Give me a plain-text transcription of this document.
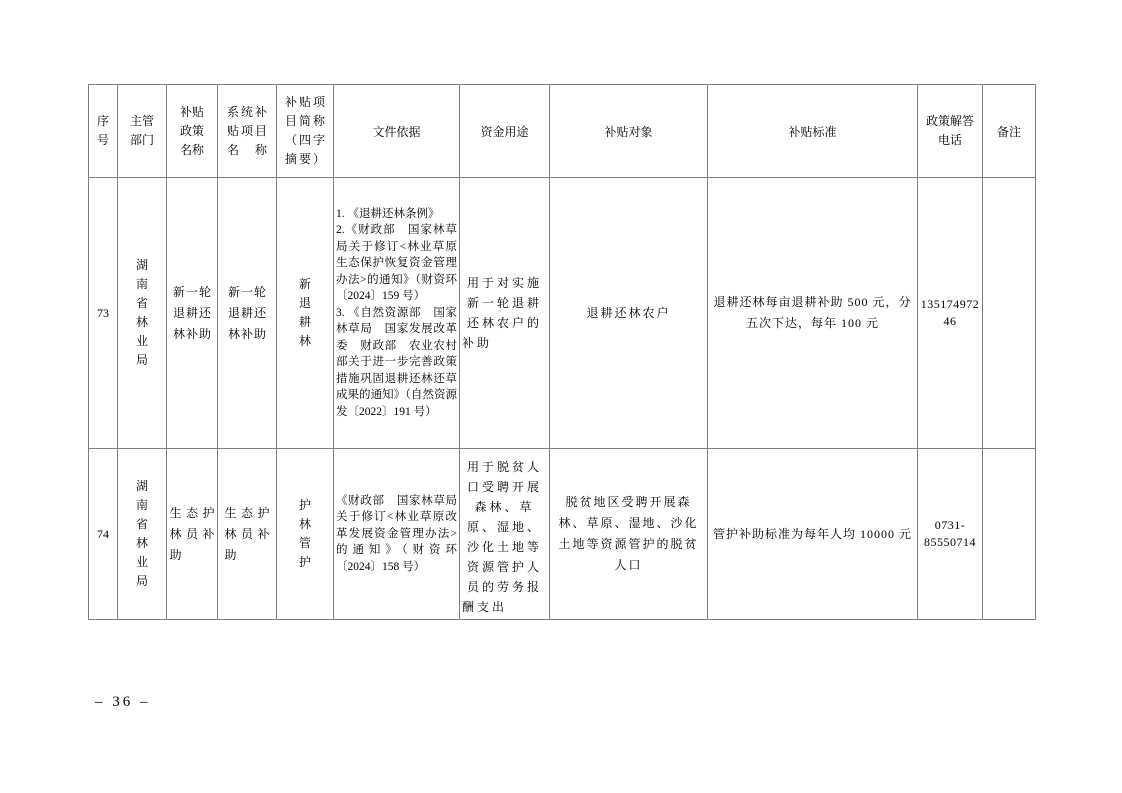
序号	主管部门	补贴政策名称	系统补贴项目名称	补贴项目简称（四字摘要）	文件依据	资金用途	补贴对象	补贴标准	政策解答电话	备注
73	湖南省林业局	新一轮退耕还林补助	新一轮退耕还林补助	新退耕林	1. 《退耕还林条例》
2.《财政部　国家林草局关于修订<林业草原生态保护恢复资金管理办法>的通知》（财资环〔2024〕159 号）
3. 《自然资源部　国家林草局　国家发展改革委　财政部　农业农村部关于进一步完善政策措施巩固退耕还林还草成果的通知》（自然资源发〔2022〕191 号）	用于对实施新一轮退耕还林农户的补助	退耕还林农户	退耕还林每亩退耕补助 500 元，分五次下达，每年 100 元	13517497246	
74	湖南省林业局	生态护林员补助	生态护林员补助	护林管护	《财政部　国家林草局关于修订<林业草原改革发展资金管理办法>的通知》（财资环〔2024〕158 号）	用于脱贫人口受聘开展森林、草原、湿地、沙化土地等资源管护人员的劳务报酬支出	脱贫地区受聘开展森林、草原、湿地、沙化土地等资源管护的脱贫人口	管护补助标准为每年人均 10000 元	0731-85550714	
– 36 –
